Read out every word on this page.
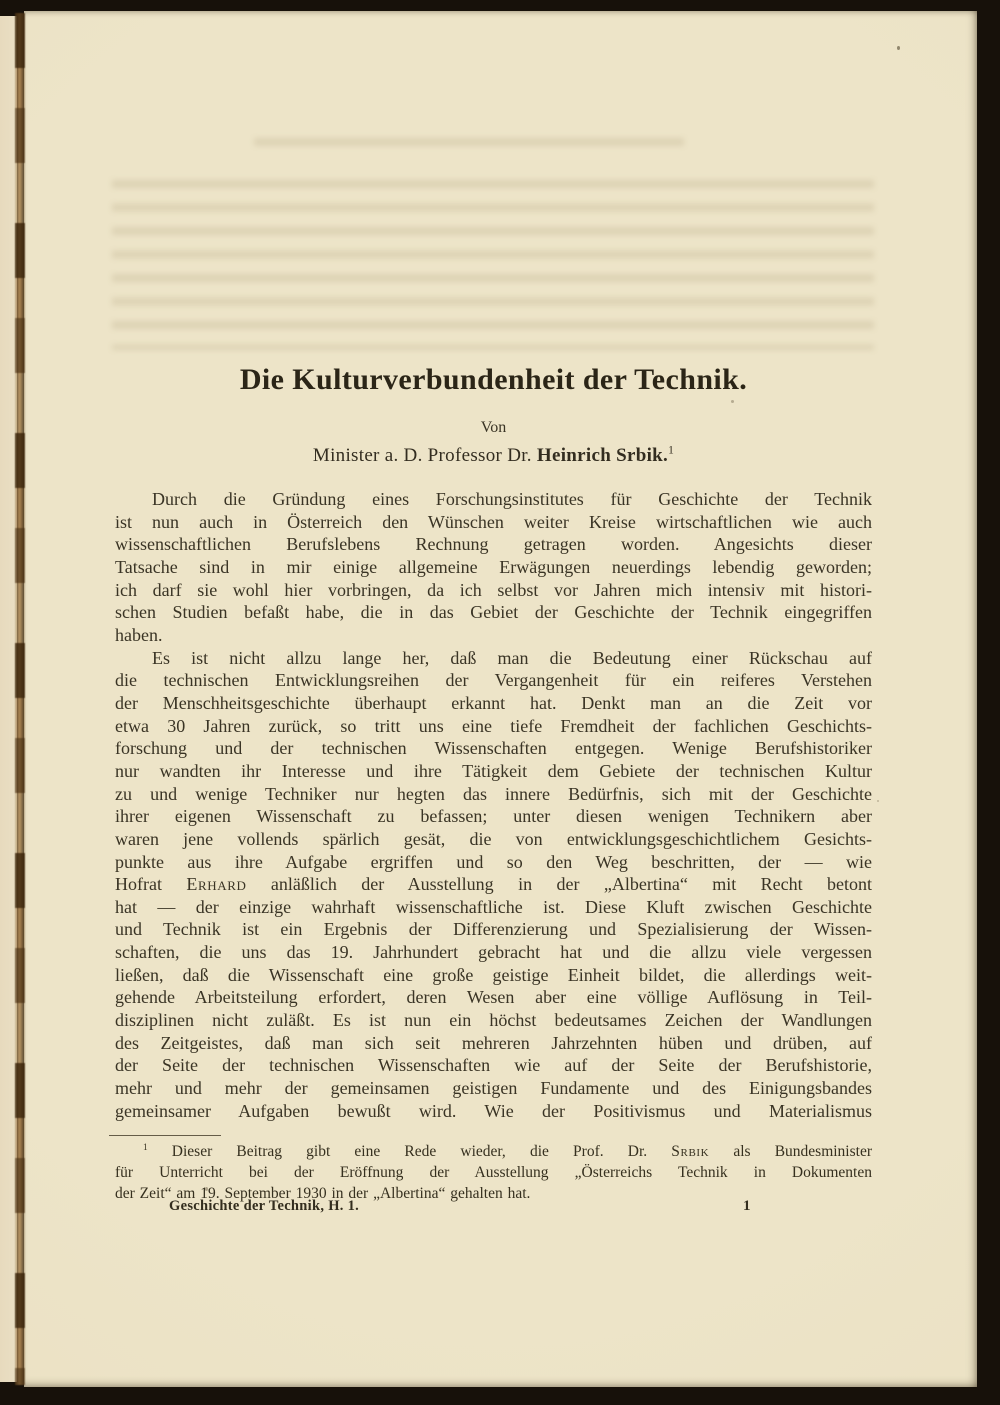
Die Kulturverbundenheit der Technik.
Von
Minister a. D. Professor Dr. Heinrich Srbik.$^1$
Durch die Gründung eines Forschungsinstitutes für Geschichte der Technik
ist nun auch in Österreich den Wünschen weiter Kreise wirtschaftlichen wie auch
wissenschaftlichen Berufslebens Rechnung getragen worden. Angesichts dieser
Tatsache sind in mir einige allgemeine Erwägungen neuerdings lebendig geworden;
ich darf sie wohl hier vorbringen, da ich selbst vor Jahren mich intensiv mit histori-
schen Studien befaßt habe, die in das Gebiet der Geschichte der Technik eingegriffen
haben.
Es ist nicht allzu lange her, daß man die Bedeutung einer Rückschau auf
die technischen Entwicklungsreihen der Vergangenheit für ein reiferes Verstehen
der Menschheitsgeschichte überhaupt erkannt hat. Denkt man an die Zeit vor
etwa 30 Jahren zurück, so tritt uns eine tiefe Fremdheit der fachlichen Geschichts-
forschung und der technischen Wissenschaften entgegen. Wenige Berufshistoriker
nur wandten ihr Interesse und ihre Tätigkeit dem Gebiete der technischen Kultur
zu und wenige Techniker nur hegten das innere Bedürfnis, sich mit der Geschichte
ihrer eigenen Wissenschaft zu befassen; unter diesen wenigen Technikern aber
waren jene vollends spärlich gesät, die von entwicklungsgeschichtlichem Gesichts-
punkte aus ihre Aufgabe ergriffen und so den Weg beschritten, der — wie
Hofrat Erhard anläßlich der Ausstellung in der „Albertina“ mit Recht betont
hat — der einzige wahrhaft wissenschaftliche ist. Diese Kluft zwischen Geschichte
und Technik ist ein Ergebnis der Differenzierung und Spezialisierung der Wissen-
schaften, die uns das 19. Jahrhundert gebracht hat und die allzu viele vergessen
ließen, daß die Wissenschaft eine große geistige Einheit bildet, die allerdings weit-
gehende Arbeitsteilung erfordert, deren Wesen aber eine völlige Auflösung in Teil-
disziplinen nicht zuläßt. Es ist nun ein höchst bedeutsames Zeichen der Wandlungen
des Zeitgeistes, daß man sich seit mehreren Jahrzehnten hüben und drüben, auf
der Seite der technischen Wissenschaften wie auf der Seite der Berufshistorie,
mehr und mehr der gemeinsamen geistigen Fundamente und des Einigungsbandes
gemeinsamer Aufgaben bewußt wird. Wie der Positivismus und Materialismus
$^1$ Dieser Beitrag gibt eine Rede wieder, die Prof. Dr. Srbik als Bundesminister
für Unterricht bei der Eröffnung der Ausstellung „Österreichs Technik in Dokumenten
der Zeit“ am 19. September 1930 in der „Albertina“ gehalten hat.
Geschichte der Technik, H. 1.	1
